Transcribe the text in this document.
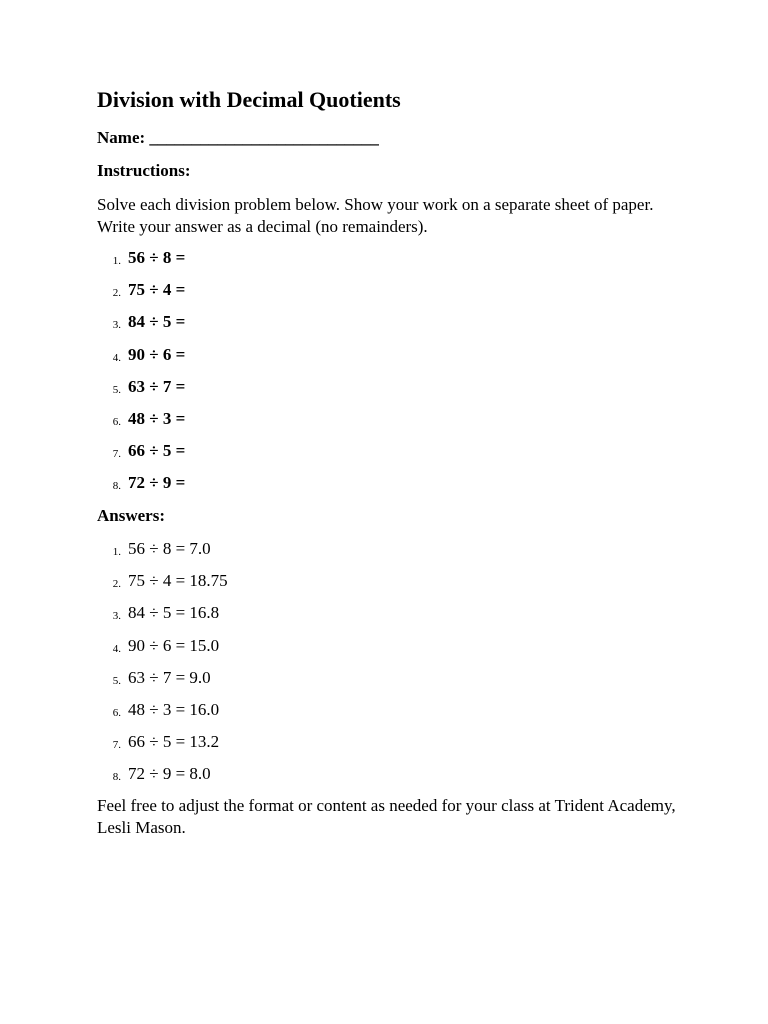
Division with Decimal Quotients
Name: ___________________________
Instructions:

Solve each division problem below. Show your work on a separate sheet of paper. Write your answer as a decimal (no remainders).

1. 56 ÷ 8 =
2. 75 ÷ 4 =
3. 84 ÷ 5 =
4. 90 ÷ 6 =
5. 63 ÷ 7 =
6. 48 ÷ 3 =
7. 66 ÷ 5 =
8. 72 ÷ 9 =
Answers:
1. 56 ÷ 8 = 7.0
2. 75 ÷ 4 = 18.75
3. 84 ÷ 5 = 16.8
4. 90 ÷ 6 = 15.0
5. 63 ÷ 7 = 9.0
6. 48 ÷ 3 = 16.0
7. 66 ÷ 5 = 13.2
8. 72 ÷ 9 = 8.0

Feel free to adjust the format or content as needed for your class at Trident Academy, Lesli Mason.
